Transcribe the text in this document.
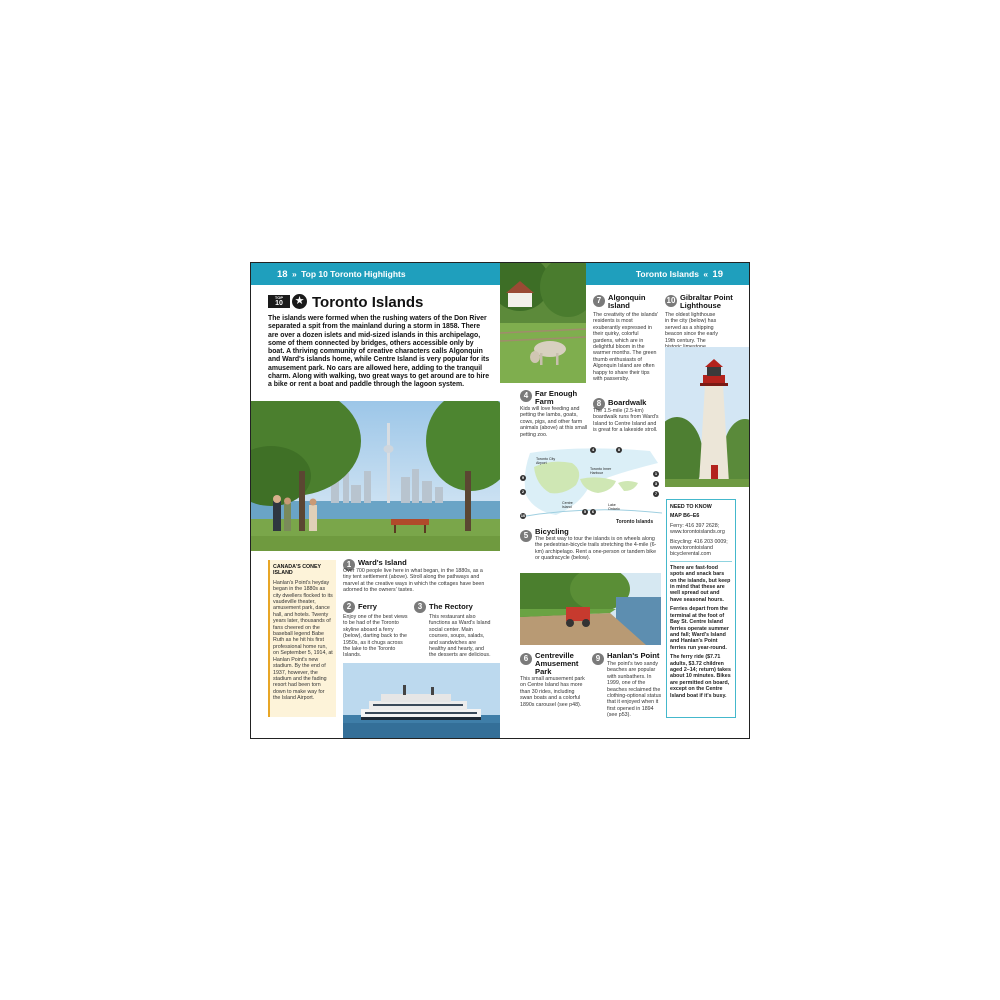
18 » Top 10 Toronto Highlights
TOP
10	★ Toronto Islands
The islands were formed when the rushing waters of the Don River separated a spit from the mainland during a storm in 1858. There are over a dozen islets and mid-sized islands in this archipelago, some of them connected by bridges, others accessible only by boat. A thriving community of creative characters calls Algonquin and Ward's islands home, while Centre Island is very popular for its amusement park. No cars are allowed here, adding to the tranquil charm. Along with walking, two great ways to get around are to hire a bike or rent a boat and paddle through the lagoon system.
CANADA'S CONEY ISLAND
Hanlan's Point's heyday began in the 1880s as city dwellers flocked to its vaudeville theater, amusement park, dance hall, and hotels. Twenty years later, thousands of fans cheered on the baseball legend Babe Ruth as he hit his first professional home run, on September 5, 1914, at Hanlan Point's new stadium. By the end of 1937, however, the stadium and the fading resort had been torn down to make way for the Island Airport.
1 Ward's Island
Over 700 people live here in what began, in the 1880s, as a tiny tent settlement (above). Stroll along the pathways and marvel at the creative ways in which the cottages have been adorned to the owners' tastes.
2 Ferry
Enjoy one of the best views to be had of the Toronto skyline aboard a ferry (below), darting back to the 1950s, as it chugs across the lake to the Toronto Islands.
3 The Rectory
This restaurant also functions as Ward's Island social center. Main courses, soups, salads, and sandwiches are healthy and hearty, and the desserts are delicious.
Toronto Islands « 19
7 Algonquin Island
The creativity of the islands' residents is most exuberantly expressed in their quirky, colorful gardens, which are in delightful bloom in the warmer months. The green thumb enthusiasts of Algonquin Island are often happy to share their tips with passersby.
10 Gibraltar Point Lighthouse
The oldest lighthouse in the city (below) has served as a shipping beacon since the early 19th century. The
4 Far Enough Farm
Kids will love feeding and petting the lambs, goats, cows, pigs, and other farm animals (above) at this small petting zoo.
8 Boardwalk
The 1.5-mile (2.5-km) boardwalk runs from Ward's Island to Centre Island and is great for a lakeside stroll.
Toronto City Airport
Toronto Inner Harbour
Centre Island	Lake Ontario
4	8
1
3
7
9
2
6
5
10
Toronto Islands
5 Bicycling
The best way to tour the islands is on wheels along the pedestrian-bicycle trails stretching the 4-mile (6-km) archipelago. Rent a one-person or tandem bike or quadracycle (below).
NEED TO KNOW
MAP B6–E6
Ferry: 416 397 2628; www.torontoislands.org
Bicycling: 416 203 0009; www.torontoisland bicyclerental.com
There are fast-food spots and snack bars on the islands, but keep in mind that these are well spread out and have seasonal hours.
Ferries depart from the terminal at the foot of Bay St. Centre Island ferries operate summer and fall; Ward's Island and Hanlan's Point ferries run year-round.
The ferry ride ($7.71 adults, $3.72 children aged 2–14; return) takes about 10 minutes. Bikes are permitted on board, except on the Centre Island boat if it's busy.
6 Centreville Amusement Park
This small amusement park on Centre Island has more than 30 rides, including swan boats and a colorful 1890s carousel (see p48).
9 Hanlan's Point
The point's two sandy beaches are popular with sunbathers. In 1999, one of the beaches reclaimed the clothing-optional status that it enjoyed when it first opened in 1894 (see p53).
